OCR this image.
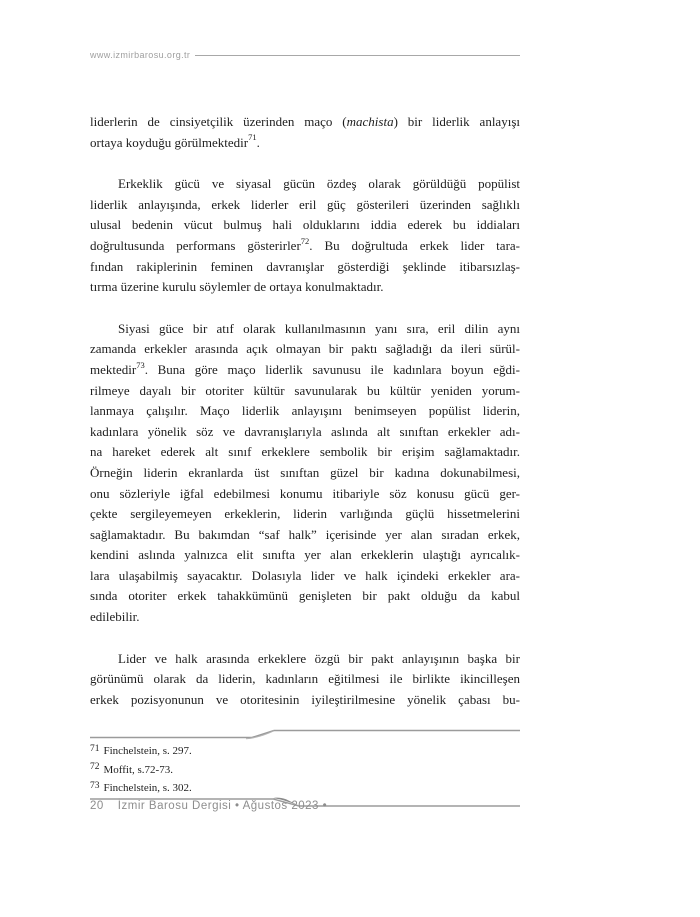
www.izmirbarosu.org.tr
liderlerin de cinsiyetçilik üzerinden maço (machista) bir liderlik anlayışı
ortaya koyduğu görülmektedir$^{71}$.
Erkeklik gücü ve siyasal gücün özdeş olarak görüldüğü popülist
liderlik anlayışında, erkek liderler eril güç gösterileri üzerinden sağlıklı
ulusal bedenin vücut bulmuş hali olduklarını iddia ederek bu iddiaları
doğrultusunda performans gösterirler$^{72}$. Bu doğrultuda erkek lider tara-
fından rakiplerinin feminen davranışlar gösterdiği şeklinde itibarsızlaş-
tırma üzerine kurulu söylemler de ortaya konulmaktadır.
Siyasi güce bir atıf olarak kullanılmasının yanı sıra, eril dilin aynı
zamanda erkekler arasında açık olmayan bir paktı sağladığı da ileri sürül-
mektedir$^{73}$. Buna göre maço liderlik savunusu ile kadınlara boyun eğdi-
rilmeye dayalı bir otoriter kültür savunularak bu kültür yeniden yorum-
lanmaya çalışılır. Maço liderlik anlayışını benimseyen popülist liderin,
kadınlara yönelik söz ve davranışlarıyla aslında alt sınıftan erkekler adı-
na hareket ederek alt sınıf erkeklere sembolik bir erişim sağlamaktadır.
Örneğin liderin ekranlarda üst sınıftan güzel bir kadına dokunabilmesi,
onu sözleriyle iğfal edebilmesi konumu itibariyle söz konusu gücü ger-
çekte sergileyemeyen erkeklerin, liderin varlığında güçlü hissetmelerini
sağlamaktadır. Bu bakımdan “saf halk” içerisinde yer alan sıradan erkek,
kendini aslında yalnızca elit sınıfta yer alan erkeklerin ulaştığı ayrıcalık-
lara ulaşabilmiş sayacaktır. Dolasıyla lider ve halk içindeki erkekler ara-
sında otoriter erkek tahakkümünü genişleten bir pakt olduğu da kabul
edilebilir.
Lider ve halk arasında erkeklere özgü bir pakt anlayışının başka bir
görünümü olarak da liderin, kadınların eğitilmesi ile birlikte ikincilleşen
erkek pozisyonunun ve otoritesinin iyileştirilmesine yönelik çabası bu-
71 Finchelstein, s. 297.
72 Moffit, s.72-73.
73 Finchelstein, s. 302.
20 İzmir Barosu Dergisi • Ağustos 2023 •
